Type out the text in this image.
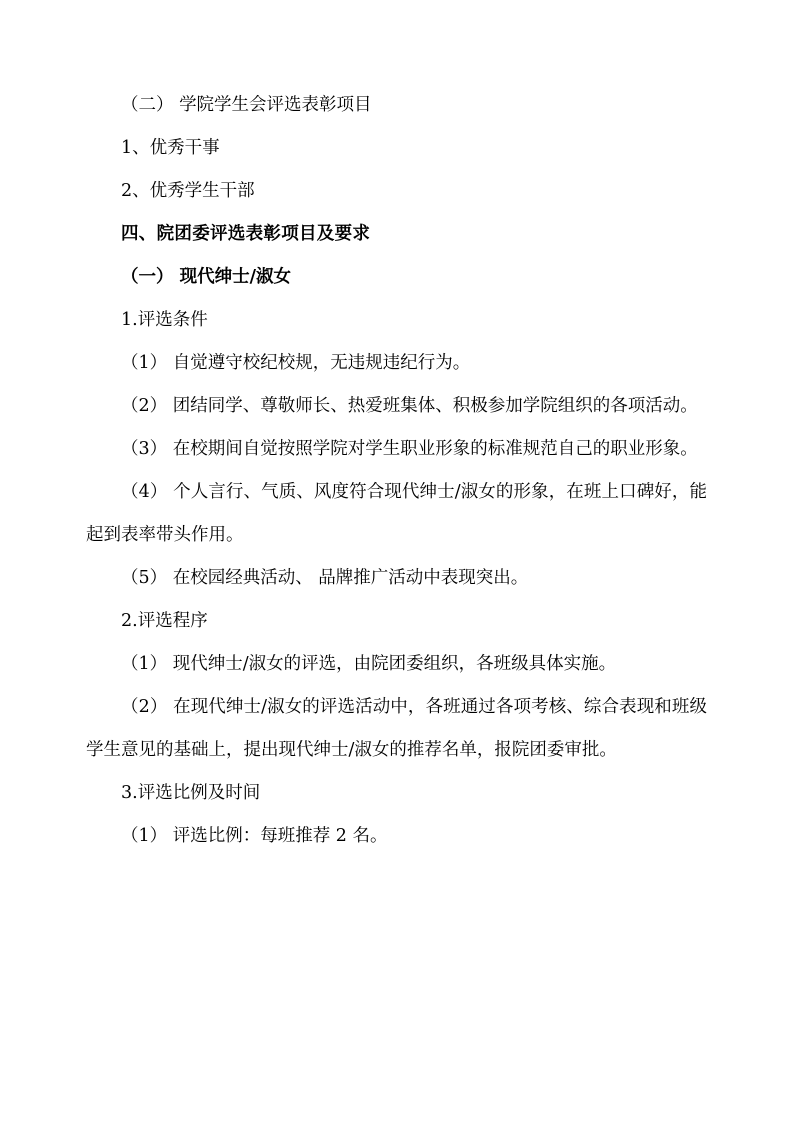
（二） 学院学生会评选表彰项目

1、优秀干事

2、优秀学生干部

四、院团委评选表彰项目及要求

（一） 现代绅士/淑女

1.评选条件

（1） 自觉遵守校纪校规，无违规违纪行为。

（2） 团结同学、尊敬师长、热爱班集体、积极参加学院组织的各项活动。

（3） 在校期间自觉按照学院对学生职业形象的标准规范自己的职业形象。

（4） 个人言行、气质、风度符合现代绅士/淑女的形象，在班上口碑好，能起到表率带头作用。

（5） 在校园经典活动、 品牌推广活动中表现突出。

2.评选程序

（1） 现代绅士/淑女的评选，由院团委组织，各班级具体实施。

（2） 在现代绅士/淑女的评选活动中，各班通过各项考核、综合表现和班级学生意见的基础上，提出现代绅士/淑女的推荐名单，报院团委审批。

3.评选比例及时间

（1） 评选比例：每班推荐 2 名。
